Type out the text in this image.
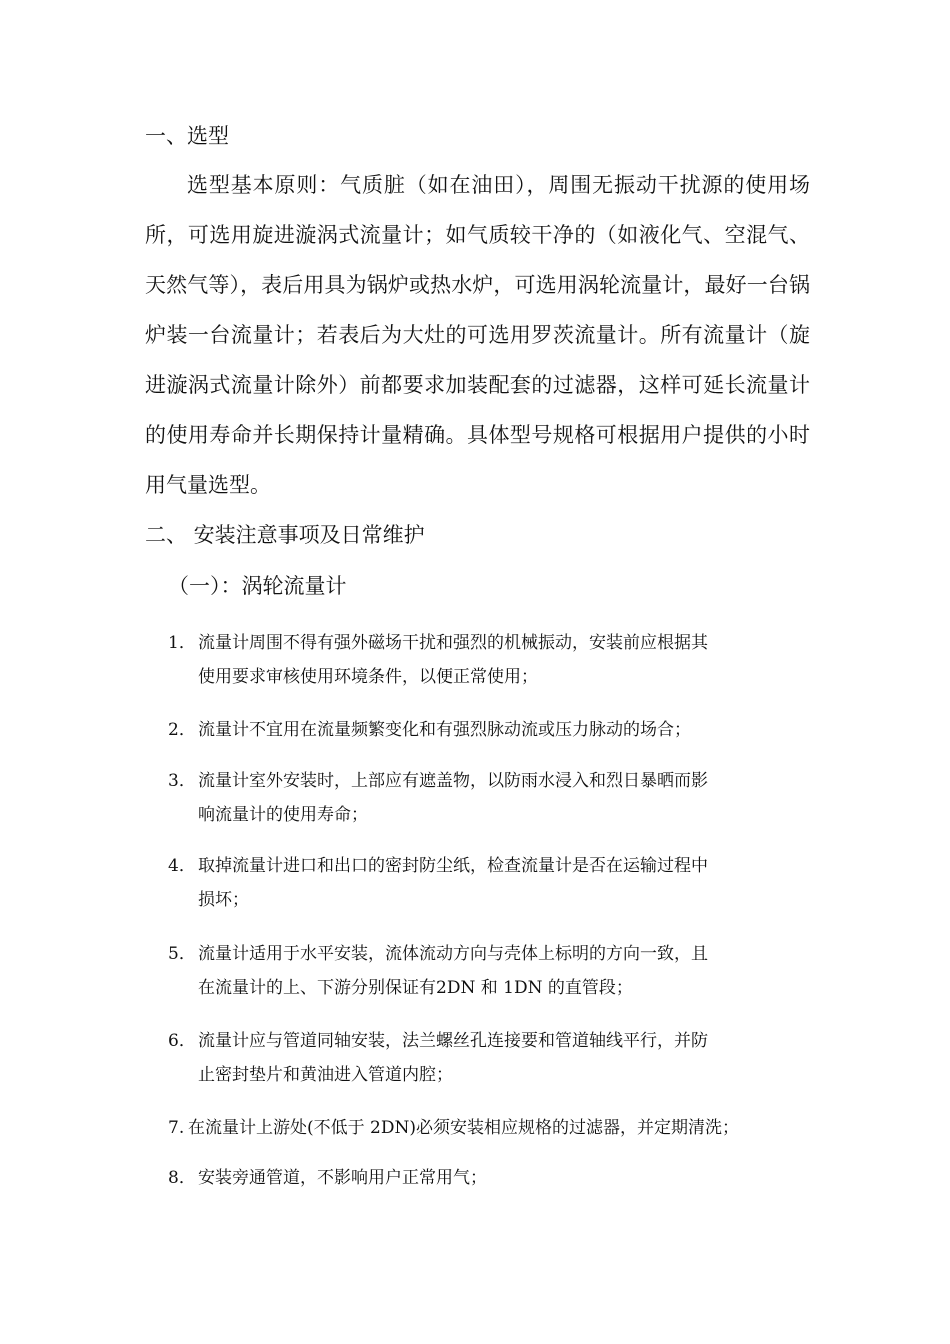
一、选型
选型基本原则：气质脏（如在油田），周围无振动干扰源的使用场所，可选用旋进漩涡式流量计；如气质较干净的（如液化气、空混气、天然气等），表后用具为锅炉或热水炉，可选用涡轮流量计，最好一台锅炉装一台流量计；若表后为大灶的可选用罗茨流量计。所有流量计（旋进漩涡式流量计除外）前都要求加装配套的过滤器，这样可延长流量计的使用寿命并长期保持计量精确。具体型号规格可根据用户提供的小时用气量选型。
二、 安装注意事项及日常维护
（一）：涡轮流量计
1． 流量计周围不得有强外磁场干扰和强烈的机械振动，安装前应根据其
使用要求审核使用环境条件，以便正常使用；
2． 流量计不宜用在流量频繁变化和有强烈脉动流或压力脉动的场合；
3． 流量计室外安装时，上部应有遮盖物，以防雨水浸入和烈日暴晒而影
响流量计的使用寿命；
4． 取掉流量计进口和出口的密封防尘纸，检查流量计是否在运输过程中
损坏；
5． 流量计适用于水平安装，流体流动方向与壳体上标明的方向一致，且
在流量计的上、下游分别保证有2DN 和 1DN 的直管段；
6． 流量计应与管道同轴安装，法兰螺丝孔连接要和管道轴线平行，并防
止密封垫片和黄油进入管道内腔；
7.在流量计上游处(不低于 2DN)必须安装相应规格的过滤器，并定期清洗；
8． 安装旁通管道，不影响用户正常用气；
